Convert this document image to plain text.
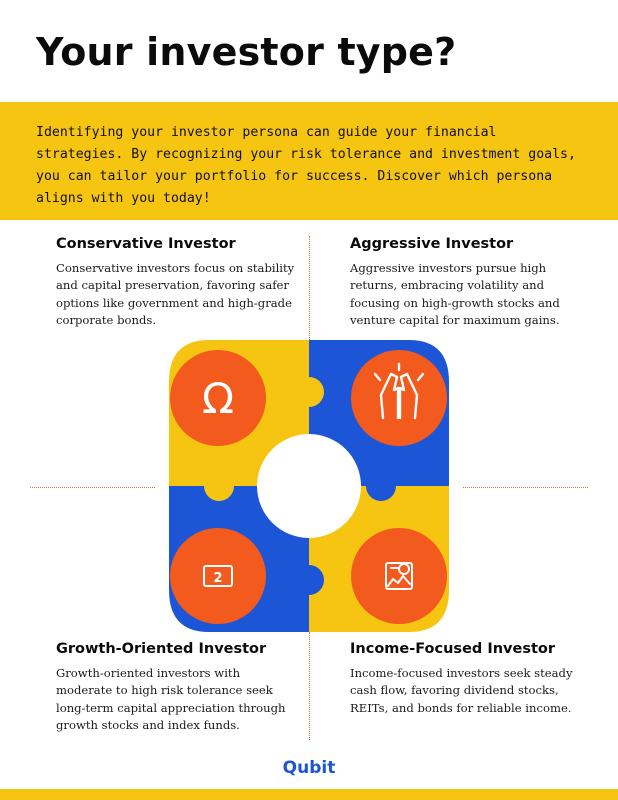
Your investor type?
Identifying your investor persona can guide your financial strategies. By recognizing your risk tolerance and investment goals, you can tailor your portfolio for success. Discover which persona aligns with you today!
Conservative Investor

Conservative investors focus on stability and capital preservation, favoring safer options like government and high-grade corporate bonds.

Aggressive Investor

Aggressive investors pursue high returns, embracing volatility and focusing on high-growth stocks and venture capital for maximum gains.

Growth-Oriented Investor

Growth-oriented investors with moderate to high risk tolerance seek long-term capital appreciation through growth stocks and index funds.

Income-Focused Investor

Income-focused investors seek steady cash flow, favoring dividend stocks, REITs, and bonds for reliable income.

Ω
2
Qubit
